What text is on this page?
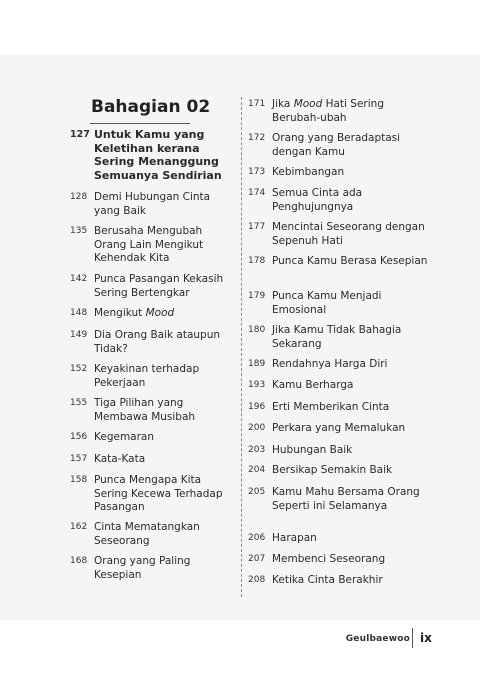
Bahagian 02
127 Untuk Kamu yang Keletihan kerana Sering Menanggung Semuanya Sendirian
128 Demi Hubungan Cinta yang Baik
135 Berusaha Mengubah Orang Lain Mengikut Kehendak Kita
142 Punca Pasangan Kekasih Sering Bertengkar
148 Mengikut Mood
149 Dia Orang Baik ataupun Tidak?
152 Keyakinan terhadap Pekerjaan
155 Tiga Pilihan yang Membawa Musibah
156 Kegemaran
157 Kata-Kata
158 Punca Mengapa Kita Sering Kecewa Terhadap Pasangan
162 Cinta Mematangkan Seseorang
168 Orang yang Paling Kesepian
171 Jika Mood Hati Sering Berubah-ubah
172 Orang yang Beradaptasi dengan Kamu
173 Kebimbangan
174 Semua Cinta ada Penghujungnya
177 Mencintai Seseorang dengan Sepenuh Hati
178 Punca Kamu Berasa Kesepian
179 Punca Kamu Menjadi Emosional
180 Jika Kamu Tidak Bahagia Sekarang
189 Rendahnya Harga Diri
193 Kamu Berharga
196 Erti Memberikan Cinta
200 Perkara yang Memalukan
203 Hubungan Baik
204 Bersikap Semakin Baik
205 Kamu Mahu Bersama Orang Seperti ini Selamanya
206 Harapan
207 Membenci Seseorang
208 Ketika Cinta Berakhir
Geulbaewoo ix
